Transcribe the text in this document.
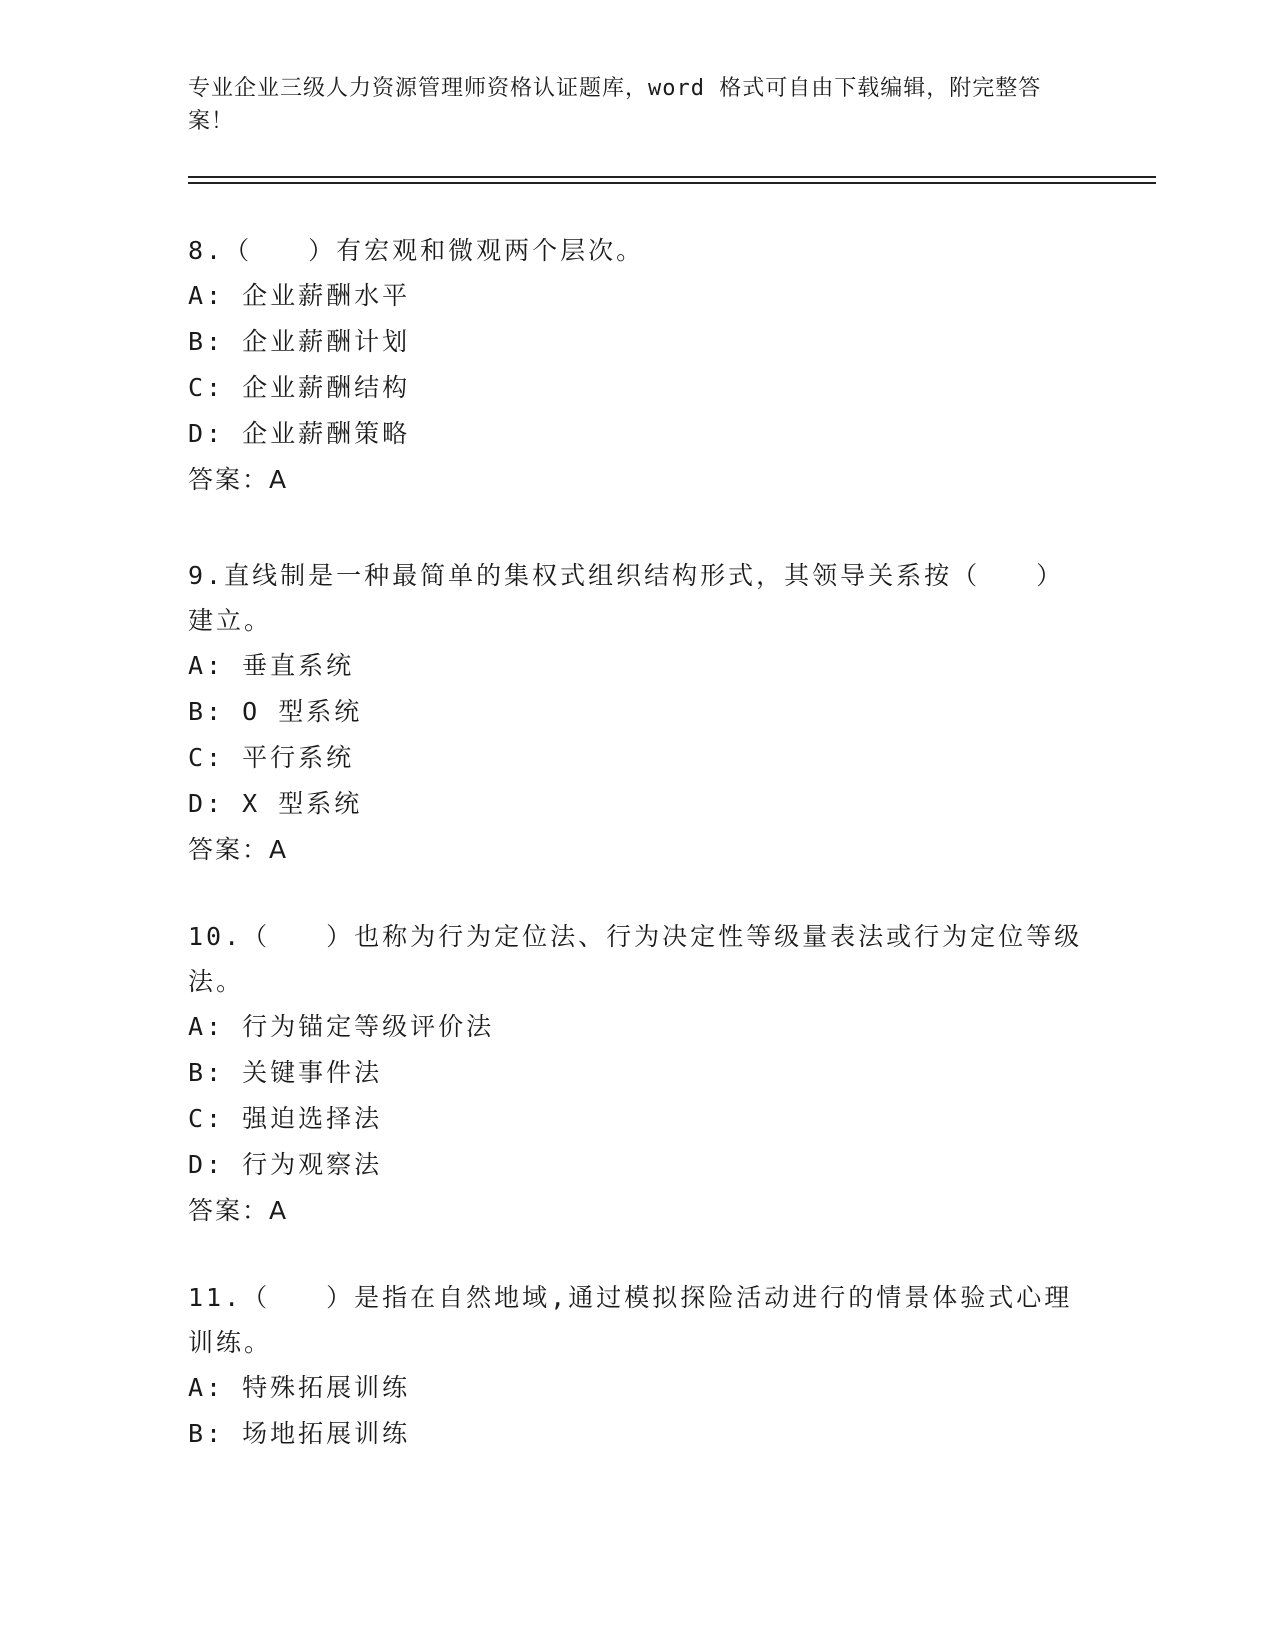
专业企业三级人力资源管理师资格认证题库，word 格式可自由下载编辑，附完整答案！
8.（　　）有宏观和微观两个层次。
A: 企业薪酬水平
B: 企业薪酬计划
C: 企业薪酬结构
D: 企业薪酬策略
答案：A
9.直线制是一种最简单的集权式组织结构形式，其领导关系按（　　）建立。
A: 垂直系统
B: O 型系统
C: 平行系统
D: X 型系统
答案：A
10.（　　）也称为行为定位法、行为决定性等级量表法或行为定位等级法。
A: 行为锚定等级评价法
B: 关键事件法
C: 强迫选择法
D: 行为观察法
答案：A
11.（　　）是指在自然地域,通过模拟探险活动进行的情景体验式心理训练。
A: 特殊拓展训练
B: 场地拓展训练
